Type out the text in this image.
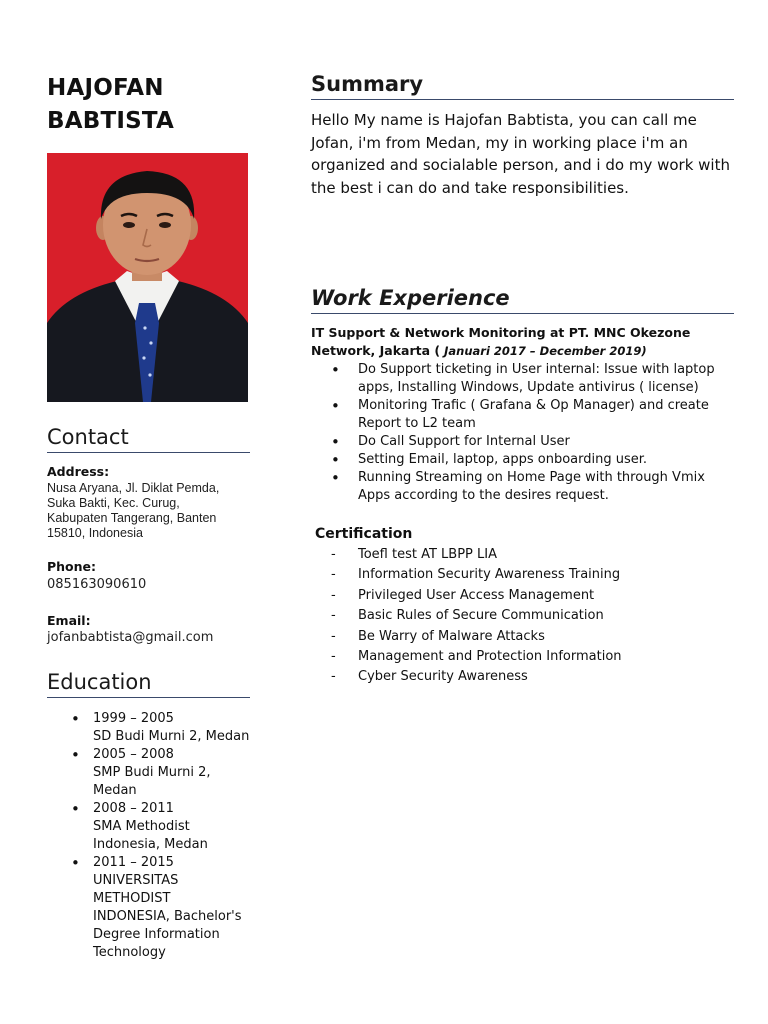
HAJOFAN
BABTISTA
Contact
Address:
Nusa Aryana, Jl. Diklat Pemda,
Suka Bakti, Kec. Curug,
Kabupaten Tangerang, Banten
15810, Indonesia
Phone:
085163090610
Email:
jofanbabtista@gmail.com
Education
• 1999 – 2005
SD Budi Murni 2, Medan
• 2005 – 2008
SMP Budi Murni 2,
Medan
• 2008 – 2011
SMA Methodist
Indonesia, Medan
• 2011 – 2015
UNIVERSITAS
METHODIST
INDONESIA, Bachelor's
Degree Information
Technology
Summary
Hello My name is Hajofan Babtista, you can call me Jofan, i'm from Medan, my in working place i'm an organized and socialable person, and i do my work with the best i can do and take responsibilities.
Work Experience
IT Support & Network Monitoring at PT. MNC Okezone Network, Jakarta ( Januari 2017 – December 2019)
• Do Support ticketing in User internal: Issue with laptop apps, Installing Windows, Update antivirus ( license)
• Monitoring Trafic ( Grafana & Op Manager) and create Report to L2 team
• Do Call Support for Internal User
• Setting Email, laptop, apps onboarding user.
• Running Streaming on Home Page with through Vmix Apps according to the desires request.
Certification
- Toefl test AT LBPP LIA
- Information Security Awareness Training
- Privileged User Access Management
- Basic Rules of Secure Communication
- Be Warry of Malware Attacks
- Management and Protection Information
- Cyber Security Awareness
